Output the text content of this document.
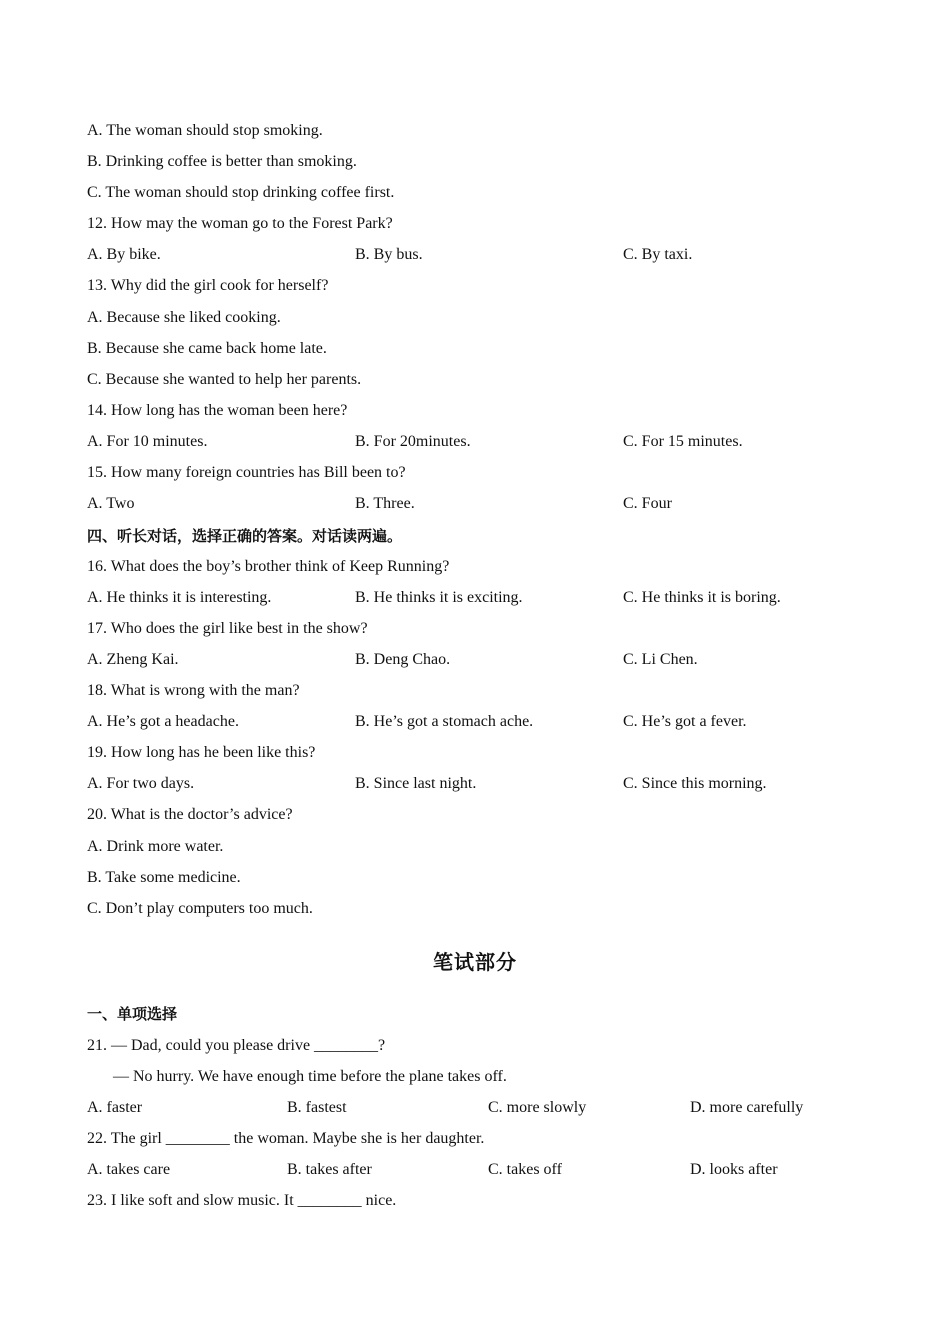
A. The woman should stop smoking.
B. Drinking coffee is better than smoking.
C. The woman should stop drinking coffee first.
12. How may the woman go to the Forest Park?
A. By bike.	B. By bus.	C. By taxi.
13. Why did the girl cook for herself?
A. Because she liked cooking.
B. Because she came back home late.
C. Because she wanted to help her parents.
14. How long has the woman been here?
A. For 10 minutes.	B. For 20minutes.	C. For 15 minutes.
15. How many foreign countries has Bill been to?
A. Two	B. Three.	C. Four
四、听长对话，选择正确的答案。对话读两遍。
16. What does the boy’s brother think of Keep Running?
A. He thinks it is interesting.	B. He thinks it is exciting.	C. He thinks it is boring.
17. Who does the girl like best in the show?
A. Zheng Kai.	B. Deng Chao.	C. Li Chen.
18. What is wrong with the man?
A. He’s got a headache.	B. He’s got a stomach ache.	C. He’s got a fever.
19. How long has he been like this?
A. For two days.	B. Since last night.	C. Since this morning.
20. What is the doctor’s advice?
A. Drink more water.
B. Take some medicine.
C. Don’t play computers too much.
笔试部分
一、单项选择
21. — Dad, could you please drive ________?
— No hurry. We have enough time before the plane takes off.
A. faster	B. fastest	C. more slowly	D. more carefully
22. The girl ________ the woman. Maybe she is her daughter.
A. takes care	B. takes after	C. takes off	D. looks after
23. I like soft and slow music. It ________ nice.
